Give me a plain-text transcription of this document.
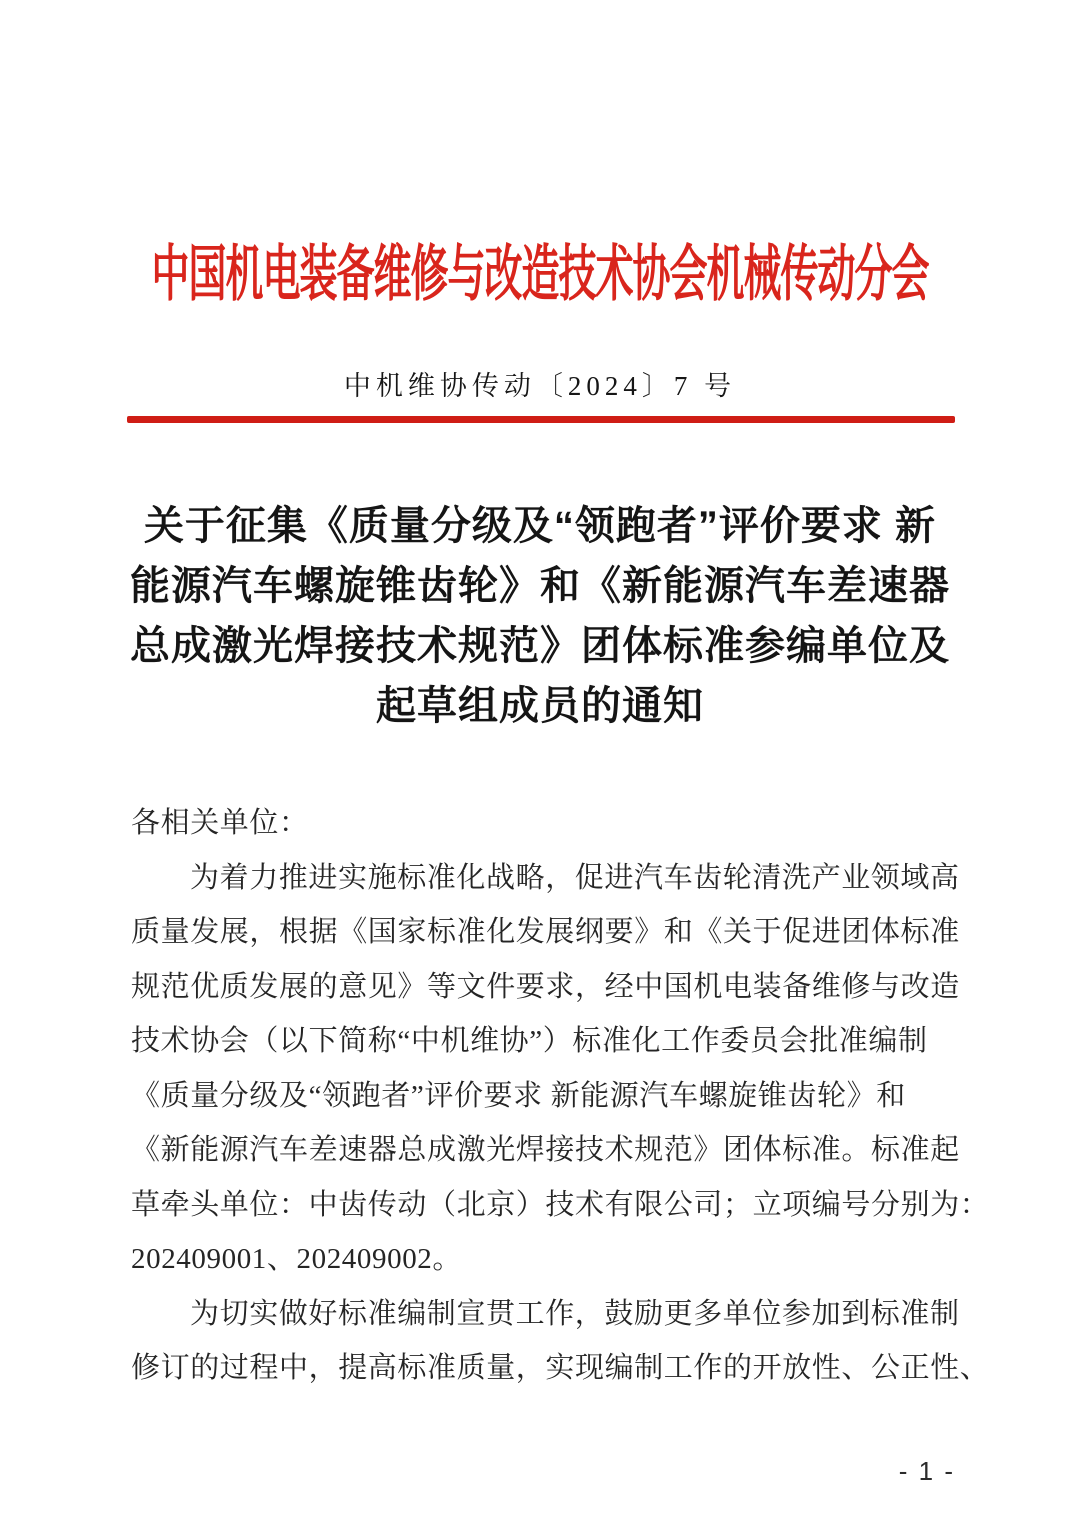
中国机电装备维修与改造技术协会机械传动分会
中机维协传动〔2024〕7 号
关于征集《质量分级及“领跑者”评价要求 新
能源汽车螺旋锥齿轮》和《新能源汽车差速器
总成激光焊接技术规范》团体标准参编单位及
起草组成员的通知
各相关单位：
为着力推进实施标准化战略，促进汽车齿轮清洗产业领域高
质量发展，根据《国家标准化发展纲要》和《关于促进团体标准
规范优质发展的意见》等文件要求，经中国机电装备维修与改造
技术协会（以下简称“中机维协”）标准化工作委员会批准编制
《质量分级及“领跑者”评价要求 新能源汽车螺旋锥齿轮》和
《新能源汽车差速器总成激光焊接技术规范》团体标准。标准起
草牵头单位：中齿传动（北京）技术有限公司；立项编号分别为：
202409001、202409002。
为切实做好标准编制宣贯工作，鼓励更多单位参加到标准制
修订的过程中，提高标准质量，实现编制工作的开放性、公正性、
- 1 -
